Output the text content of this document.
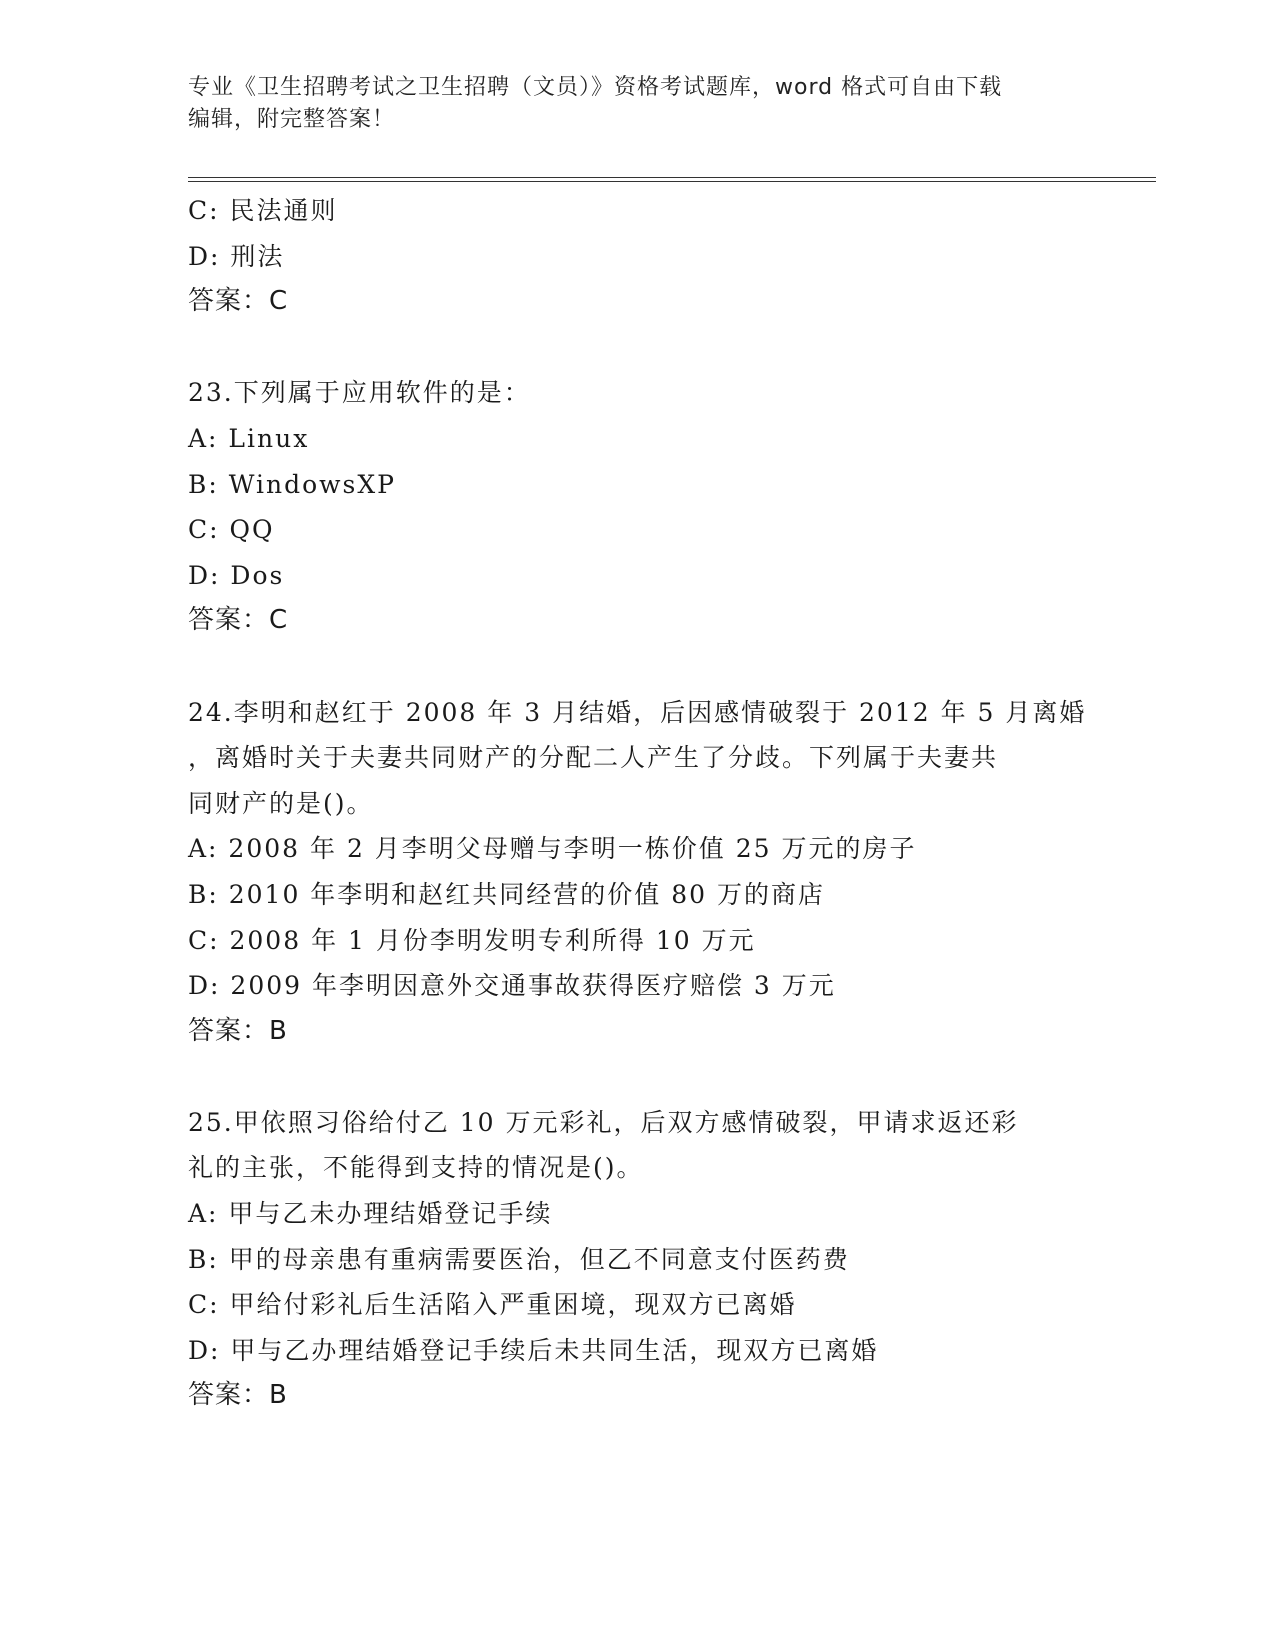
专业《卫生招聘考试之卫生招聘（文员）》资格考试题库，word 格式可自由下载
编辑，附完整答案！
C: 民法通则
D: 刑法
答案：C
23.下列属于应用软件的是：
A: Linux
B: WindowsXP
C: QQ
D: Dos
答案：C
24.李明和赵红于 2008 年 3 月结婚，后因感情破裂于 2012 年 5 月离婚
，离婚时关于夫妻共同财产的分配二人产生了分歧。下列属于夫妻共
同财产的是()。
A: 2008 年 2 月李明父母赠与李明一栋价值 25 万元的房子
B: 2010 年李明和赵红共同经营的价值 80 万的商店
C: 2008 年 1 月份李明发明专利所得 10 万元
D: 2009 年李明因意外交通事故获得医疗赔偿 3 万元
答案：B
25.甲依照习俗给付乙 10 万元彩礼，后双方感情破裂，甲请求返还彩
礼的主张，不能得到支持的情况是()。
A: 甲与乙未办理结婚登记手续
B: 甲的母亲患有重病需要医治，但乙不同意支付医药费
C: 甲给付彩礼后生活陷入严重困境，现双方已离婚
D: 甲与乙办理结婚登记手续后未共同生活，现双方已离婚
答案：B
